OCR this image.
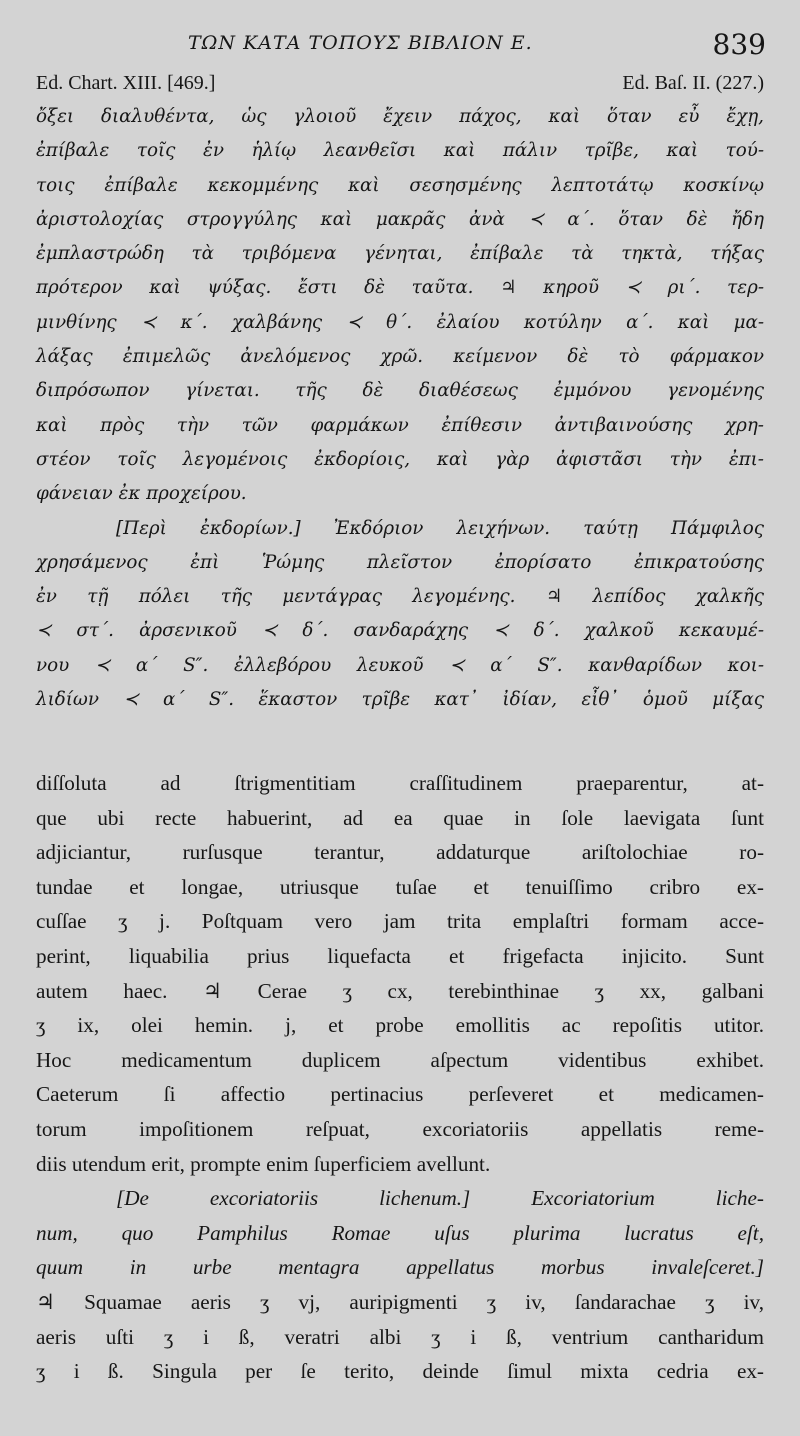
ΤΩΝ ΚΑΤΑ ΤΟΠΟΥΣ ΒΙΒΛΙΟΝ Ε.	839
Ed. Chart. XIII. [469.]	Ed. Baſ. II. (227.)
ὄξει διαλυθέντα, ὡς γλοιοῦ ἔχειν πάχος, καὶ ὅταν εὖ ἔχῃ,
ἐπίβαλε τοῖς ἐν ἡλίῳ λεανθεῖσι καὶ πάλιν τρῖβε, καὶ τού-
τοις ἐπίβαλε κεκομμένης καὶ σεσησμένης λεπτοτάτῳ κοσκίνῳ
ἀριστολοχίας στρογγύλης καὶ μακρᾶς ἀνὰ ≺ α΄. ὅταν δὲ ἤδη
ἐμπλαστρώδη τὰ τριβόμενα γένηται, ἐπίβαλε τὰ τηκτὰ, τήξας
πρότερον καὶ ψύξας. ἔστι δὲ ταῦτα. ♃ κηροῦ ≺ ρι΄. τερ-
μινθίνης ≺ κ΄. χαλβάνης ≺ θ΄. ἐλαίου κοτύλην α΄. καὶ μα-
λάξας ἐπιμελῶς ἀνελόμενος χρῶ. κείμενον δὲ τὸ φάρμακον
διπρόσωπον γίνεται. τῆς δὲ διαθέσεως ἐμμόνου γενομένης
καὶ πρὸς τὴν τῶν φαρμάκων ἐπίθεσιν ἀντιβαινούσης χρη-
στέον τοῖς λεγομένοις ἐκδορίοις, καὶ γὰρ ἀφιστᾶσι τὴν ἐπι-
φάνειαν ἐκ προχείρου.
[Περὶ ἐκδορίων.] Ἐκδόριον λειχήνων. ταύτῃ Πάμφιλος
χρησάμενος ἐπὶ Ῥώμης πλεῖστον ἐπορίσατο ἐπικρατούσης
ἐν τῇ πόλει τῆς μεντάγρας λεγομένης. ♃ λεπίδος χαλκῆς
≺ στ΄. ἀρσενικοῦ ≺ δ΄. σανδαράχης ≺ δ΄. χαλκοῦ κεκαυμέ-
νου ≺ α΄ S″. ἐλλεβόρου λευκοῦ ≺ α΄ S″. κανθαρίδων κοι-
λιδίων ≺ α΄ S″. ἕκαστον τρῖβε κατ᾽ ἰδίαν, εἶθ᾽ ὁμοῦ μίξας
diſſoluta ad ſtrigmentitiam craſſitudinem praeparentur, at-
que ubi recte habuerint, ad ea quae in ſole laevigata ſunt
adjiciantur, rurſusque terantur, addaturque ariſtolochiae ro-
tundae et longae, utriusque tuſae et tenuiſſimo cribro ex-
cuſſae ʒ j. Poſtquam vero jam trita emplaſtri formam acce-
perint, liquabilia prius liquefacta et frigefacta injicito. Sunt
autem haec. ♃ Cerae ʒ cx, terebinthinae ʒ xx, galbani
ʒ ix, olei hemin. j, et probe emollitis ac repoſitis utitor.
Hoc medicamentum duplicem aſpectum videntibus exhibet.
Caeterum ſi affectio pertinacius perſeveret et medicamen-
torum impoſitionem reſpuat, excoriatoriis appellatis reme-
diis utendum erit, prompte enim ſuperficiem avellunt.
[De excoriatoriis lichenum.] Excoriatorium liche-
num, quo Pamphilus Romae uſus plurima lucratus eſt,
quum in urbe mentagra appellatus morbus invaleſceret.]
♃ Squamae aeris ʒ vj, auripigmenti ʒ iv, ſandarachae ʒ iv,
aeris uſti ʒ i ß, veratri albi ʒ i ß, ventrium cantharidum
ʒ i ß. Singula per ſe terito, deinde ſimul mixta cedria ex-
